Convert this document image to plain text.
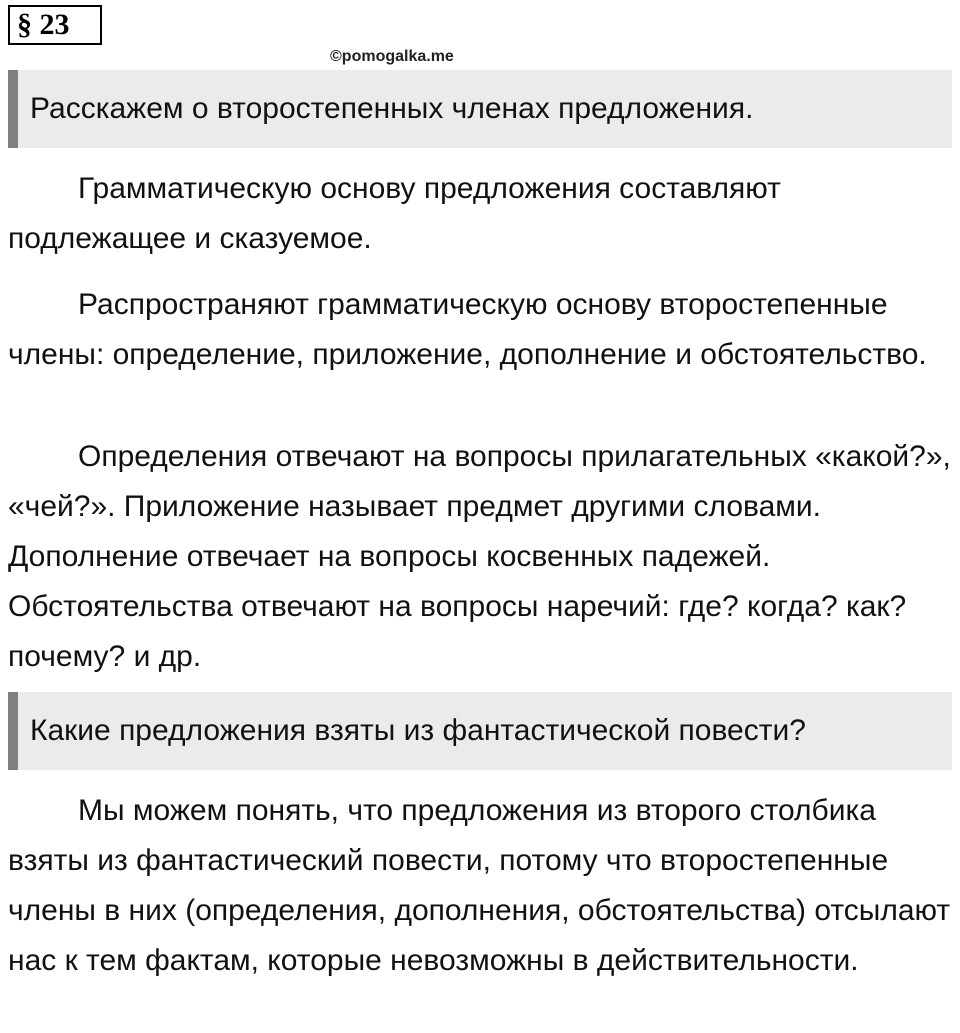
§ 23
©pomogalka.me
Расскажем о второстепенных членах предложения.

Грамматическую основу предложения составляют подлежащее и сказуемое.

Распространяют грамматическую основу второстепенные члены: определение, приложение, дополнение и обстоятельство.

Определения отвечают на вопросы прилагательных «какой?», «чей?». Приложение называет предмет другими словами. Дополнение отвечает на вопросы косвенных падежей. Обстоятельства отвечают на вопросы наречий: где? когда? как? почему? и др.

Какие предложения взяты из фантастической повести?

Мы можем понять, что предложения из второго столбика взяты из фантастический повести, потому что второстепенные члены в них (определения, дополнения, обстоятельства) отсылают нас к тем фактам, которые невозможны в действительности.
